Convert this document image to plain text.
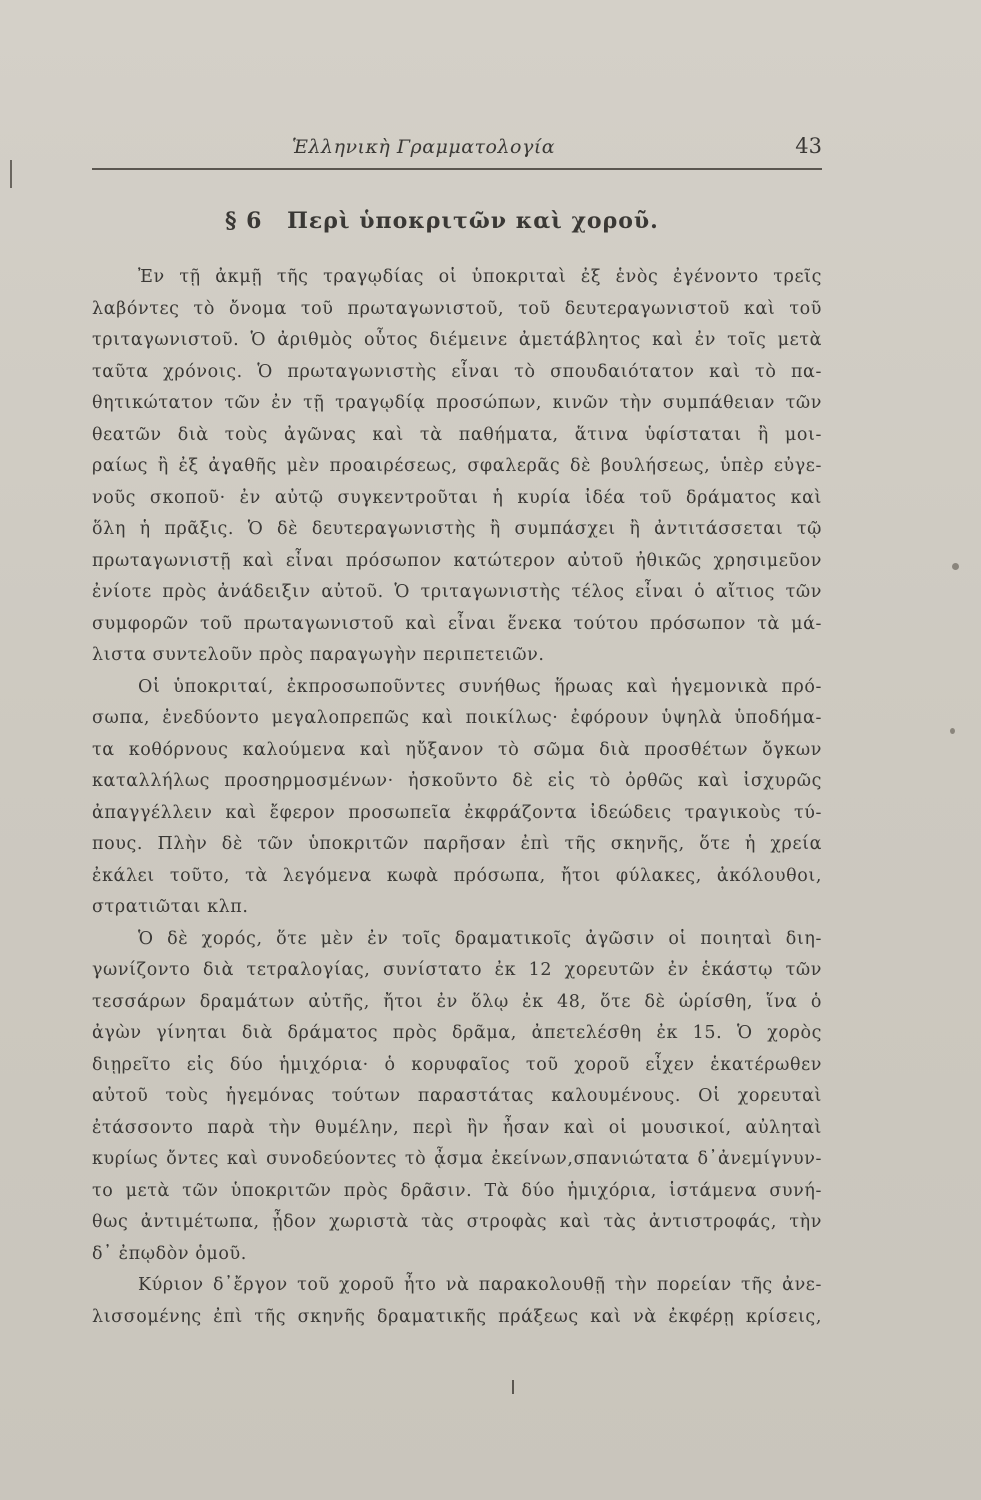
Ἑλληνικὴ Γραμματολογία	43
§ 6 Περὶ ὑποκριτῶν καὶ χοροῦ.
Ἐν τῇ ἀκμῇ τῆς τραγῳδίας οἱ ὑποκριταὶ ἐξ ἑνὸς ἐγένοντο τρεῖς
λαβόντες τὸ ὄνομα τοῦ πρωταγωνιστοῦ, τοῦ δευτεραγωνιστοῦ καὶ τοῦ
τριταγωνιστοῦ. Ὁ ἀριθμὸς οὗτος διέμεινε ἀμετάβλητος καὶ ἐν τοῖς μετὰ
ταῦτα χρόνοις. Ὁ πρωταγωνιστὴς εἶναι τὸ σπουδαιότατον καὶ τὸ πα-
θητικώτατον τῶν ἐν τῇ τραγῳδίᾳ προσώπων, κινῶν τὴν συμπάθειαν τῶν
θεατῶν διὰ τοὺς ἀγῶνας καὶ τὰ παθήματα, ἅτινα ὑφίσταται ἢ μοι-
ραίως ἢ ἐξ ἀγαθῆς μὲν προαιρέσεως, σφαλερᾶς δὲ βουλήσεως, ὑπὲρ εὐγε-
νοῦς σκοποῦ· ἐν αὐτῷ συγκεντροῦται ἡ κυρία ἰδέα τοῦ δράματος καὶ
ὅλη ἡ πρᾶξις. Ὁ δὲ δευτεραγωνιστὴς ἢ συμπάσχει ἢ ἀντιτάσσεται τῷ
πρωταγωνιστῇ καὶ εἶναι πρόσωπον κατώτερον αὐτοῦ ἠθικῶς χρησιμεῦον
ἐνίοτε πρὸς ἀνάδειξιν αὐτοῦ. Ὁ τριταγωνιστὴς τέλος εἶναι ὁ αἴτιος τῶν
συμφορῶν τοῦ πρωταγωνιστοῦ καὶ εἶναι ἕνεκα τούτου πρόσωπον τὰ μά-
λιστα συντελοῦν πρὸς παραγωγὴν περιπετειῶν.
Οἱ ὑποκριταί, ἐκπροσωποῦντες συνήθως ἥρωας καὶ ἡγεμονικὰ πρό-
σωπα, ἐνεδύοντο μεγαλοπρεπῶς καὶ ποικίλως· ἐφόρουν ὑψηλὰ ὑποδήμα-
τα κοθόρνους καλούμενα καὶ ηὔξανον τὸ σῶμα διὰ προσθέτων ὄγκων
καταλλήλως προσηρμοσμένων· ἠσκοῦντο δὲ εἰς τὸ ὀρθῶς καὶ ἰσχυρῶς
ἀπαγγέλλειν καὶ ἔφερον προσωπεῖα ἐκφράζοντα ἰδεώδεις τραγικοὺς τύ-
πους. Πλὴν δὲ τῶν ὑποκριτῶν παρῆσαν ἐπὶ τῆς σκηνῆς, ὅτε ἡ χρεία
ἐκάλει τοῦτο, τὰ λεγόμενα κωφὰ πρόσωπα, ἤτοι φύλακες, ἀκόλουθοι,
στρατιῶται κλπ.
Ὁ δὲ χορός, ὅτε μὲν ἐν τοῖς δραματικοῖς ἀγῶσιν οἱ ποιηταὶ διη-
γωνίζοντο διὰ τετραλογίας, συνίστατο ἐκ 12 χορευτῶν ἐν ἑκάστῳ τῶν
τεσσάρων δραμάτων αὐτῆς, ἤτοι ἐν ὅλῳ ἐκ 48, ὅτε δὲ ὡρίσθη, ἵνα ὁ
ἀγὼν γίνηται διὰ δράματος πρὸς δρᾶμα, ἀπετελέσθη ἐκ 15. Ὁ χορὸς
διῃρεῖτο εἰς δύο ἡμιχόρια· ὁ κορυφαῖος τοῦ χοροῦ εἶχεν ἑκατέρωθεν
αὐτοῦ τοὺς ἡγεμόνας τούτων παραστάτας καλουμένους. Οἱ χορευταὶ
ἐτάσσοντο παρὰ τὴν θυμέλην, περὶ ἣν ἦσαν καὶ οἱ μουσικοί, αὐληταὶ
κυρίως ὄντες καὶ συνοδεύοντες τὸ ᾆσμα ἐκείνων,σπανιώτατα δ᾽ἀνεμίγνυν-
το μετὰ τῶν ὑποκριτῶν πρὸς δρᾶσιν. Τὰ δύο ἡμιχόρια, ἱστάμενα συνή-
θως ἀντιμέτωπα, ᾖδον χωριστὰ τὰς στροφὰς καὶ τὰς ἀντιστροφάς, τὴν
δ᾽ ἐπῳδὸν ὁμοῦ.
Κύριον δ᾽ἔργον τοῦ χοροῦ ἦτο νὰ παρακολουθῇ τὴν πορείαν τῆς ἀνε-
λισσομένης ἐπὶ τῆς σκηνῆς δραματικῆς πράξεως καὶ νὰ ἐκφέρῃ κρίσεις,
